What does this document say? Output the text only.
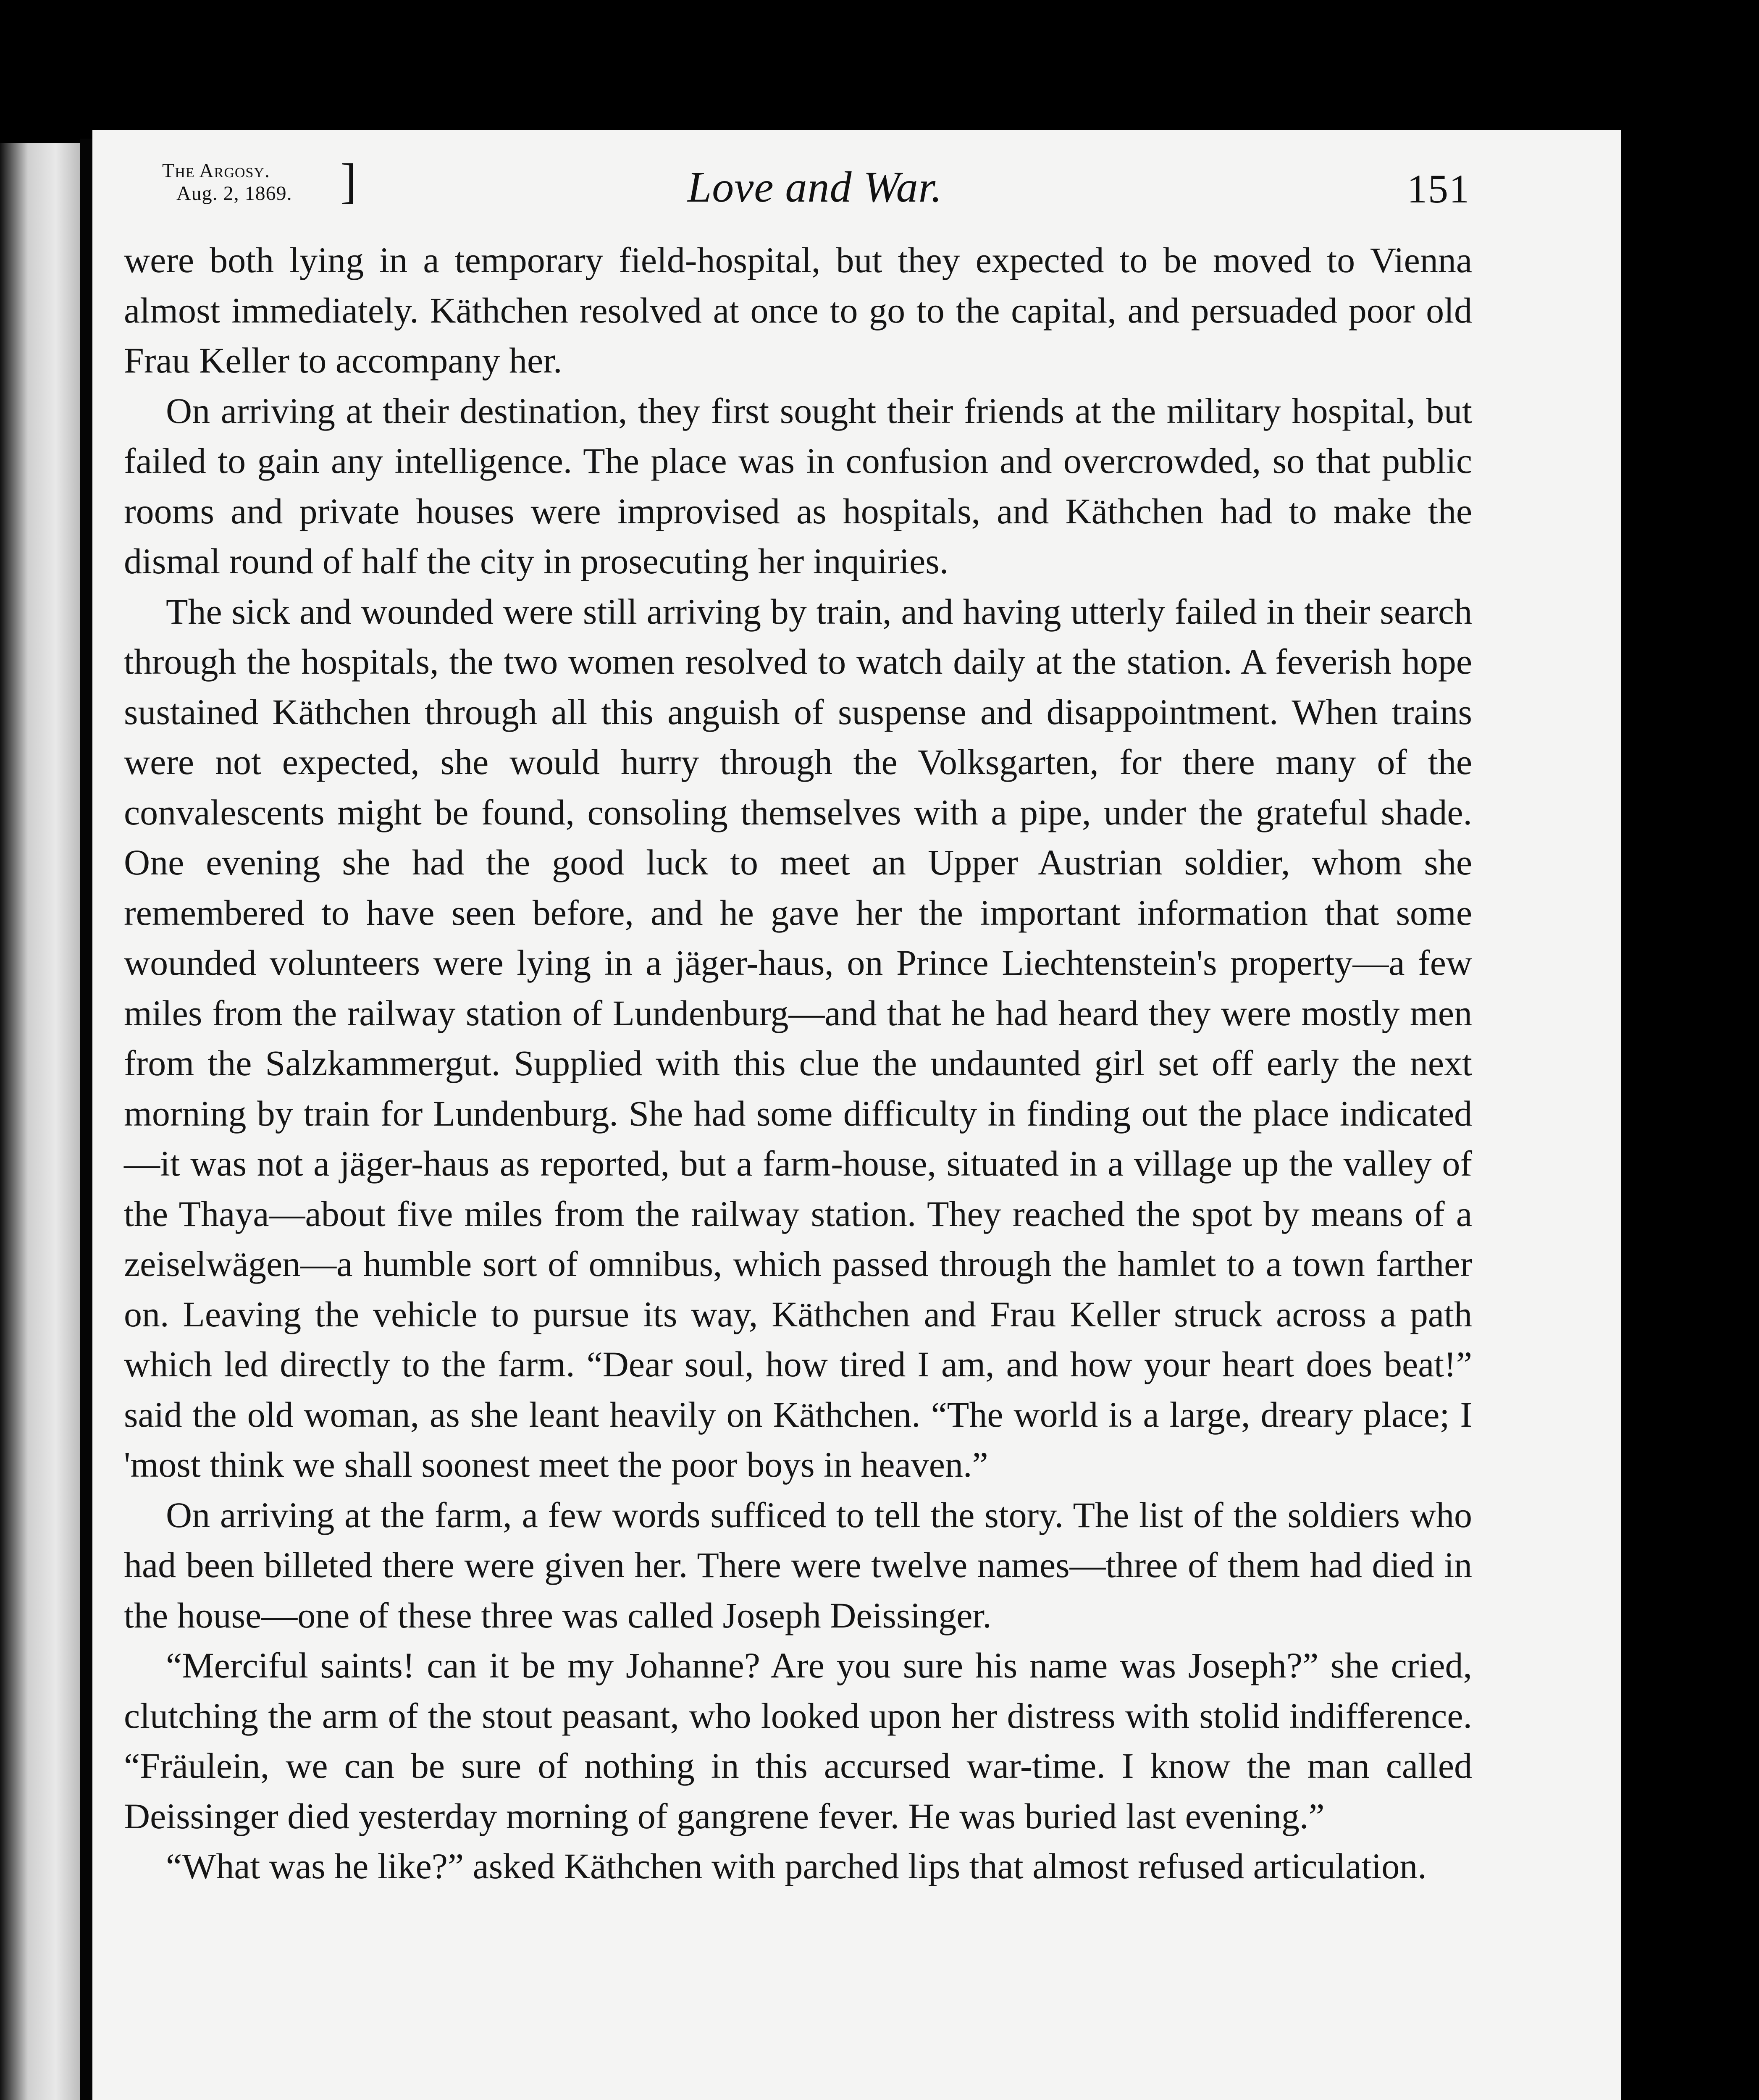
The Argosy.
Aug. 2, 1869. ]	Love and War.	151

were both lying in a temporary field-hospital, but they expected to be moved to Vienna almost immediately. Käthchen resolved at once to go to the capital, and persuaded poor old Frau Keller to accompany her.

On arriving at their destination, they first sought their friends at the military hospital, but failed to gain any intelligence. The place was in confusion and overcrowded, so that public rooms and private houses were improvised as hospitals, and Käthchen had to make the dismal round of half the city in prosecuting her inquiries.

The sick and wounded were still arriving by train, and having utterly failed in their search through the hospitals, the two women resolved to watch daily at the station. A feverish hope sustained Käthchen through all this anguish of suspense and disappointment. When trains were not expected, she would hurry through the Volksgarten, for there many of the convalescents might be found, consoling themselves with a pipe, under the grateful shade. One evening she had the good luck to meet an Upper Austrian soldier, whom she remembered to have seen before, and he gave her the important information that some wounded volunteers were lying in a jäger-haus, on Prince Liechtenstein's property—a few miles from the railway station of Lundenburg—and that he had heard they were mostly men from the Salzkammergut. Supplied with this clue the undaunted girl set off early the next morning by train for Lundenburg. She had some difficulty in finding out the place indicated—it was not a jäger-haus as reported, but a farm-house, situated in a village up the valley of the Thaya—about five miles from the railway station. They reached the spot by means of a zeiselwägen—a humble sort of omnibus, which passed through the hamlet to a town farther on. Leaving the vehicle to pursue its way, Käthchen and Frau Keller struck across a path which led directly to the farm. “Dear soul, how tired I am, and how your heart does beat!” said the old woman, as she leant heavily on Käthchen. “The world is a large, dreary place; I 'most think we shall soonest meet the poor boys in heaven.”

On arriving at the farm, a few words sufficed to tell the story. The list of the soldiers who had been billeted there were given her. There were twelve names—three of them had died in the house—one of these three was called Joseph Deissinger.

“Merciful saints! can it be my Johanne? Are you sure his name was Joseph?” she cried, clutching the arm of the stout peasant, who looked upon her distress with stolid indifference. “Fräulein, we can be sure of nothing in this accursed war-time. I know the man called Deissinger died yesterday morning of gangrene fever. He was buried last evening.”

“What was he like?” asked Käthchen with parched lips that almost refused articulation.
